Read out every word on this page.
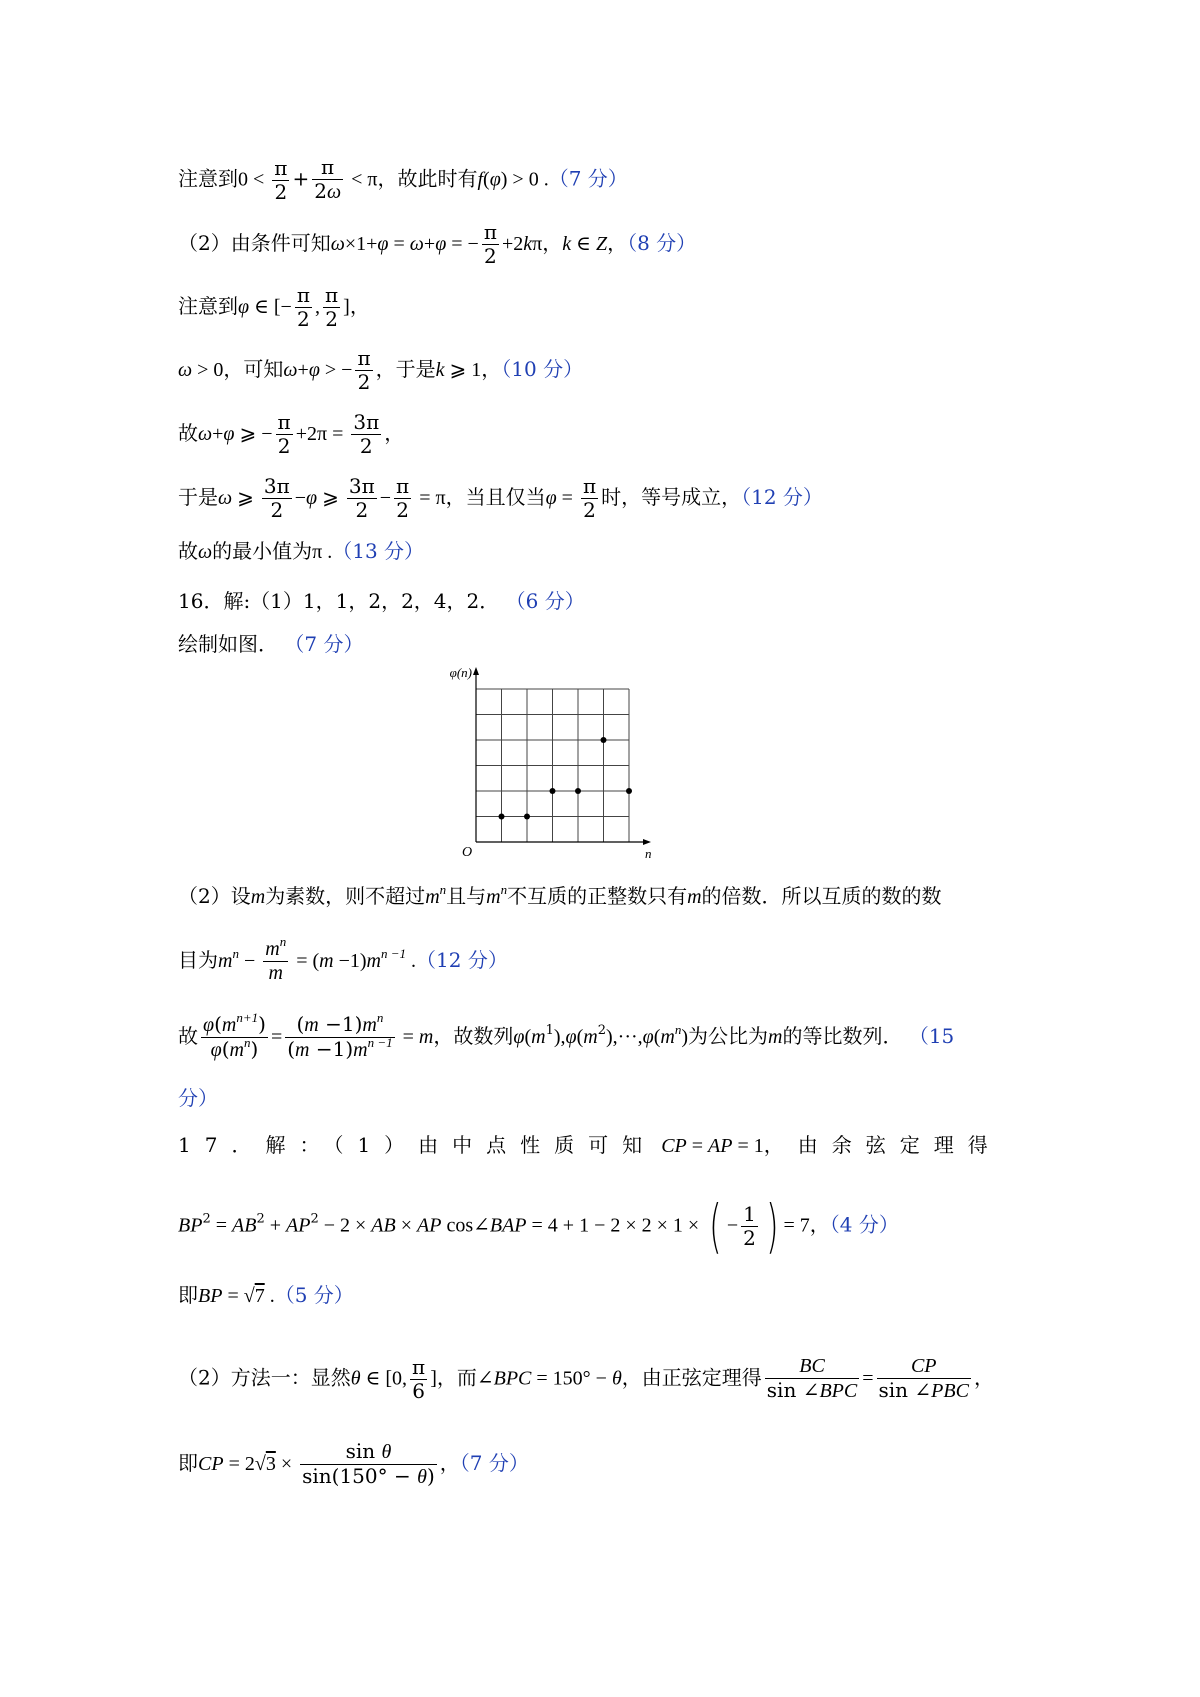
注意到$0 < \frac{\pi}{2} + \frac{\pi}{2\omega} < \pi$，故此时有f(φ) > 0 .（7 分）
（2）由条件可知ω×1+φ = ω+φ = − $\frac{\pi}{2} +2k\pi$，k ∈ Z，（8 分）
注意到φ ∈ [− $\frac{\pi}{2}$ , $\frac{\pi}{2}$ ]，
ω > 0，可知ω+φ > − $\frac{\pi}{2}$ ，于是k ⩾ 1，（10 分）
故ω+φ ⩾ − $\frac{\pi}{2} +2\pi = \frac{3\pi}{2}$ ，
于是ω ⩾ $\frac{3\pi}{2} -\varphi$ ⩾ $\frac{3\pi}{2} - \frac{\pi}{2} = \pi$，当且仅当$\varphi = \frac{\pi}{2}$ 时，等号成立，（12 分）
故ω的最小值为π .（13 分）
16．解:（1）1，1，2，2，4，2． （6 分）
绘制如图． （7 分）
φ(n)
n
O
（2）设m为素数，则不超过$m^n$且与$m^n$不互质的正整数只有m的倍数．所以互质的数的数
目为$m^n - \frac{m^n}{m} = (m -1)m^{n -1}$ .（12 分）
故 $\frac{\varphi(m^{n+1})}{\varphi(m^n)} = \frac{(m -1)m^n}{(m -1)m^{n -1}} = m$，故数列$\varphi(m^1),\varphi(m^2),\cdot\cdot\cdot,\varphi(m^n)$为公比为m的等比数列． （15
分）
17．解：（1）由中点性质可知 CP = AP = 1，由余弦定理得
$BP^2 = AB^2 + AP^2 - 2$ × AB × AP cos∠BAP = 4 + 1 − 2 × 2 × 1 × ( − $\frac{1}{2}$ ) = 7，（4 分）
即BP = √7 .（5 分）
（2）方法一：显然θ ∈ [0, $\frac{\pi}{6}$ ]，而∠BPC = 150° − θ，由正弦定理得 $\frac{BC}{\text{sin ∠BPC}} = \frac{CP}{\text{sin ∠PBC}}$ ，
即CP = $2√3 \times \frac{\text{sin θ}}{\sin(150^\circ - \theta)}$ ，（7 分）
